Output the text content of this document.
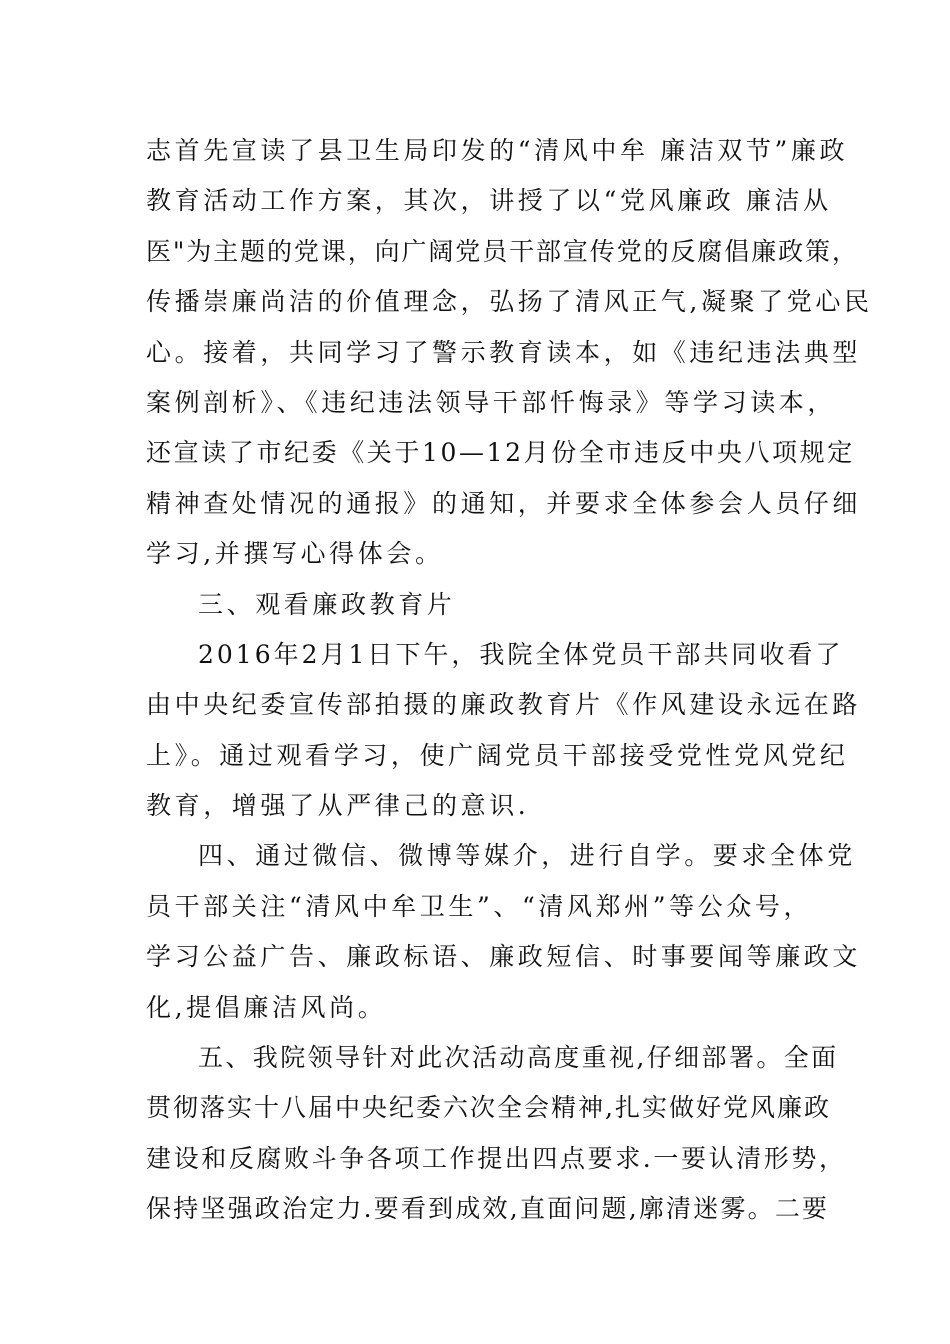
志首先宣读了县卫生局印发的“清风中牟 廉洁双节”廉政
教育活动工作方案，其次，讲授了以“党风廉政 廉洁从
医"为主题的党课，向广阔党员干部宣传党的反腐倡廉政策，
传播崇廉尚洁的价值理念，弘扬了清风正气,凝聚了党心民
心。接着，共同学习了警示教育读本，如《违纪违法典型
案例剖析》、《违纪违法领导干部忏悔录》等学习读本，
还宣读了市纪委《关于10—12月份全市违反中央八项规定
精神查处情况的通报》的通知，并要求全体参会人员仔细
学习,并撰写心得体会。
三、观看廉政教育片
2016年2月1日下午，我院全体党员干部共同收看了
由中央纪委宣传部拍摄的廉政教育片《作风建设永远在路
上》。通过观看学习，使广阔党员干部接受党性党风党纪
教育，增强了从严律己的意识.
四、通过微信、微博等媒介，进行自学。要求全体党
员干部关注“清风中牟卫生”、“清风郑州”等公众号，
学习公益广告、廉政标语、廉政短信、时事要闻等廉政文
化,提倡廉洁风尚。
五、我院领导针对此次活动高度重视,仔细部署。全面
贯彻落实十八届中央纪委六次全会精神,扎实做好党风廉政
建设和反腐败斗争各项工作提出四点要求.一要认清形势，
保持坚强政治定力.要看到成效,直面问题,廓清迷雾。二要
